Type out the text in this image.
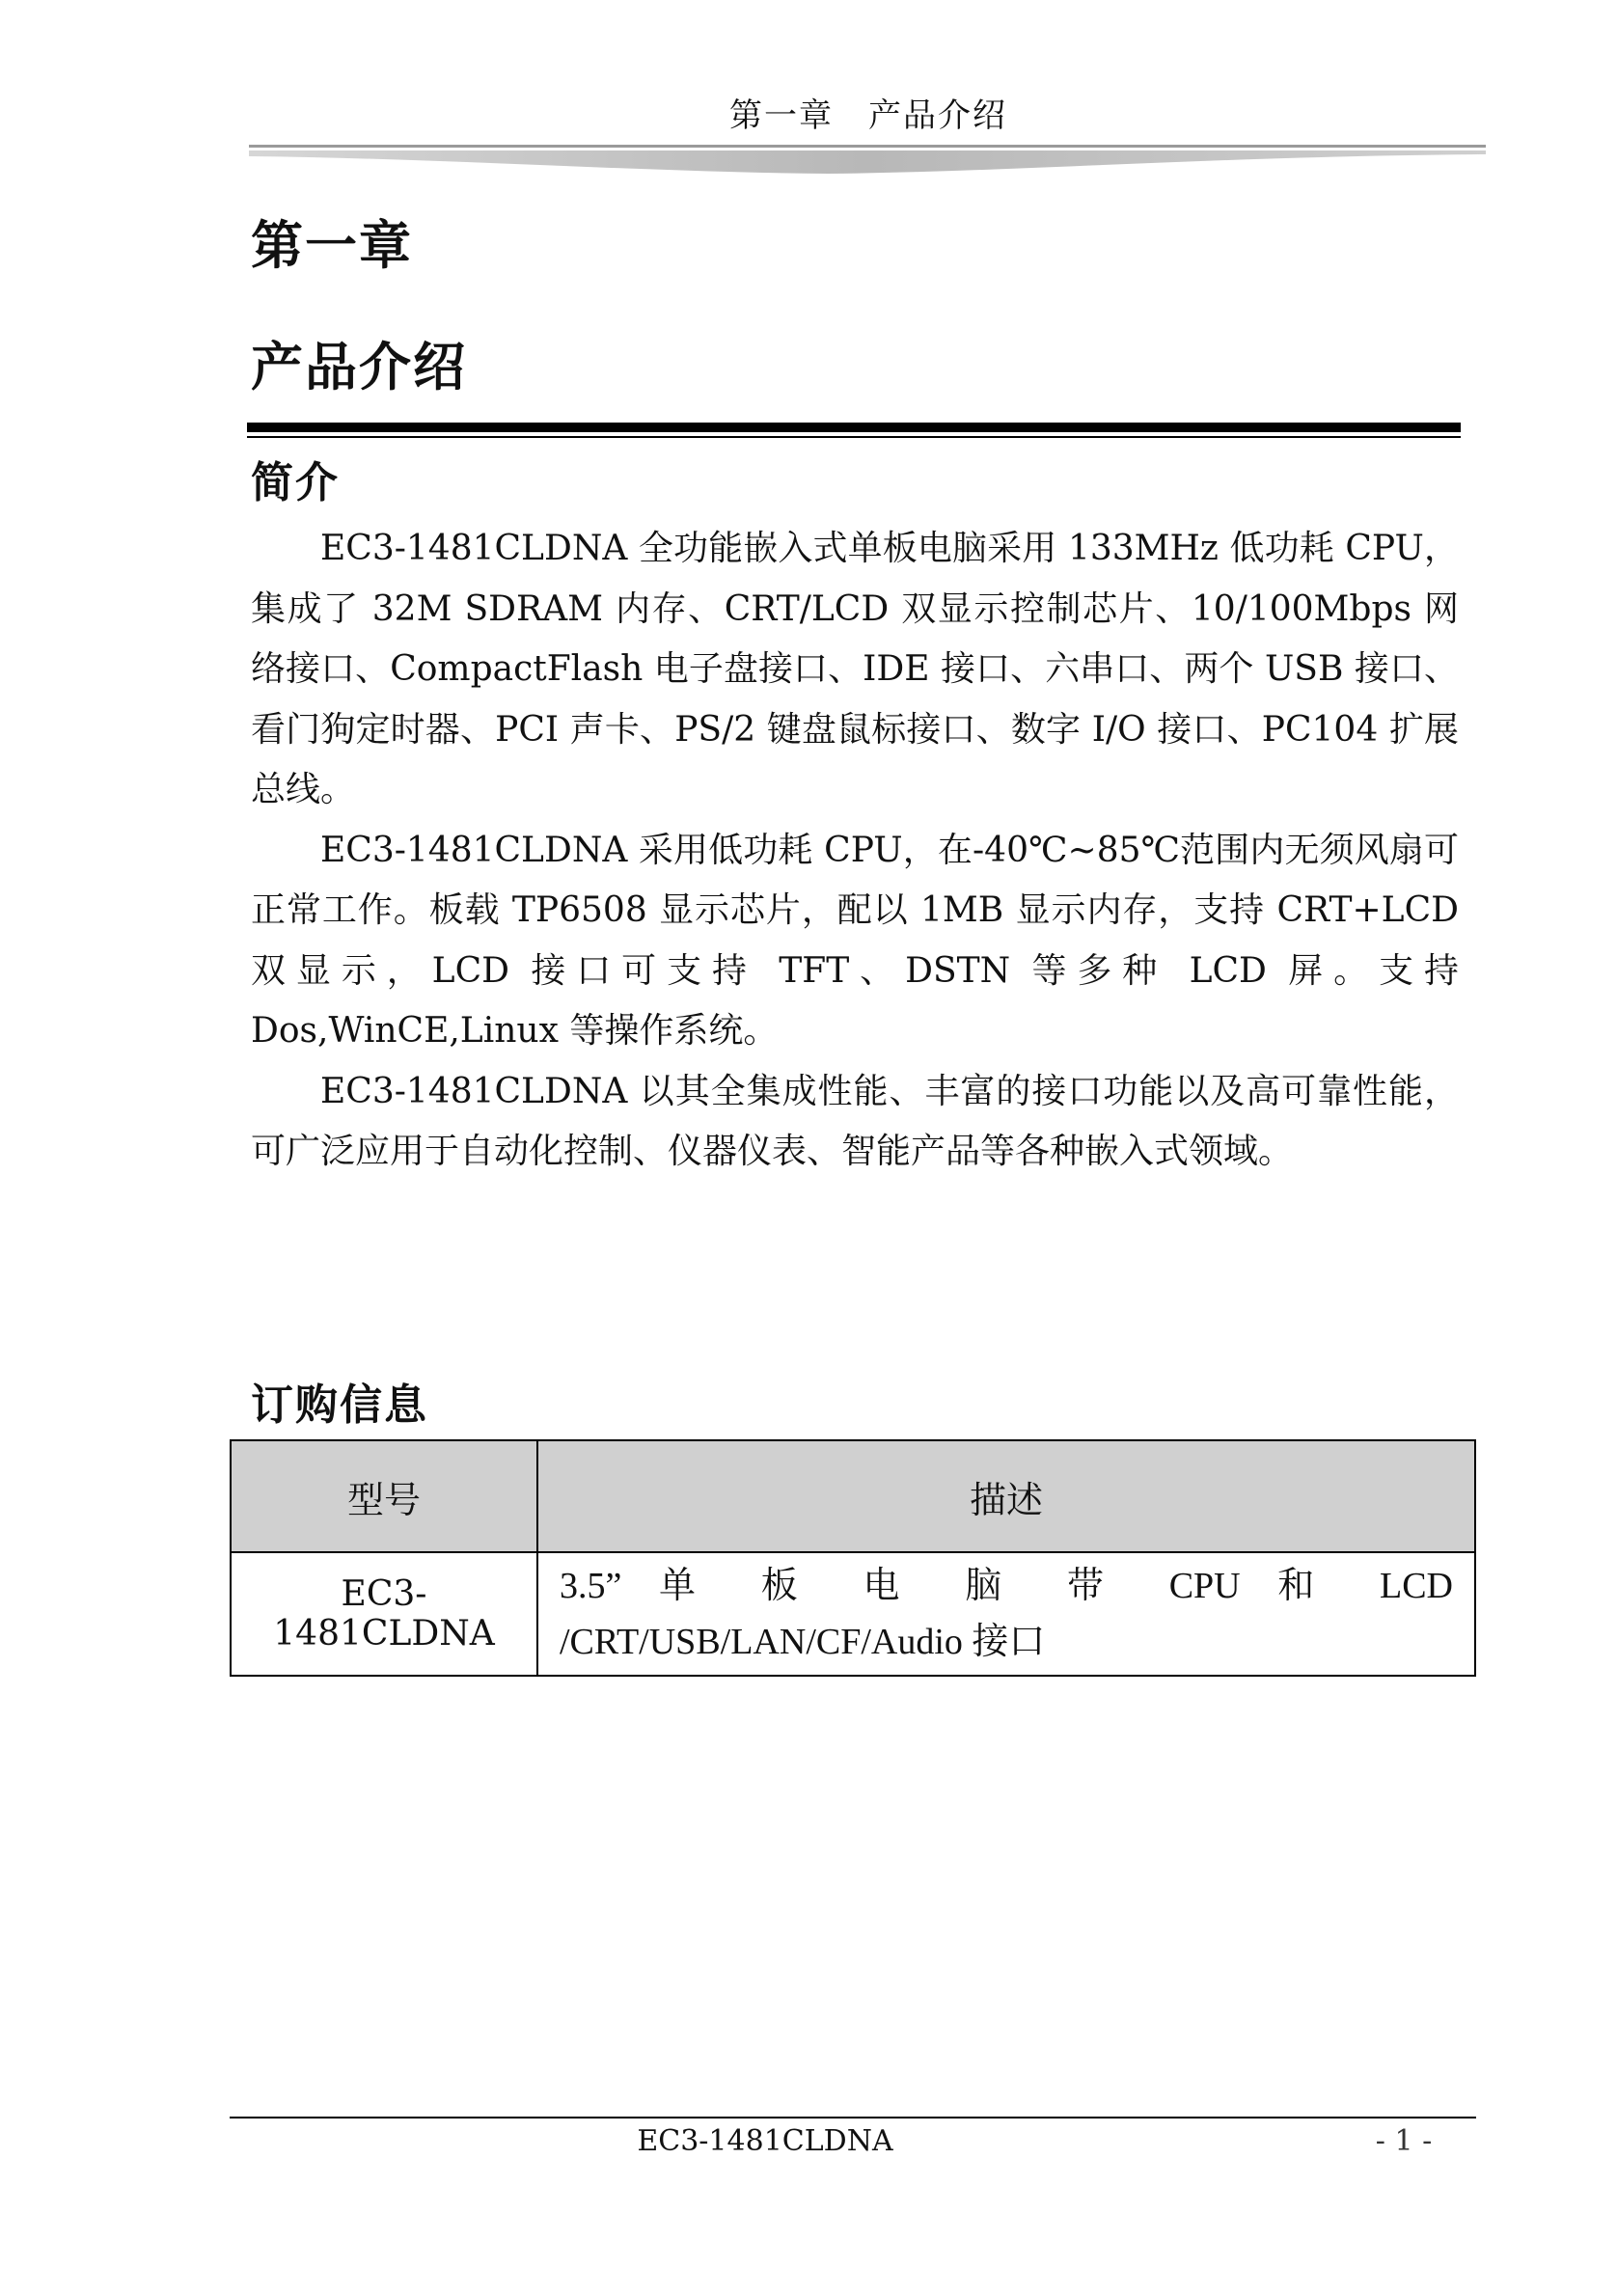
第一章　产品介绍
第一章
产品介绍
简介

EC3-1481CLDNA 全功能嵌入式单板电脑采用 133MHz 低功耗 CPU，集成了 32M SDRAM 内存、CRT/LCD 双显示控制芯片、10/100Mbps 网络接口、CompactFlash 电子盘接口、IDE 接口、六串口、两个 USB 接口、看门狗定时器、PCI 声卡、PS/2 键盘鼠标接口、数字 I/O 接口、PC104 扩展总线。

EC3-1481CLDNA 采用低功耗 CPU，在-40℃~85℃范围内无须风扇可正常工作。板载 TP6508 显示芯片，配以 1MB 显示内存，支持 CRT+LCD 双显示，LCD 接口可支持 TFT、DSTN 等多种 LCD 屏。支持 Dos,WinCE,Linux 等操作系统。

EC3-1481CLDNA 以其全集成性能、丰富的接口功能以及高可靠性能，可广泛应用于自动化控制、仪器仪表、智能产品等各种嵌入式领域。

订购信息
型号	描述
EC3-1481CLDNA	3.5” 单 板 电 脑 带 CPU 和 LCD /CRT/USB/LAN/CF/Audio 接口
EC3-1481CLDNA	- 1 -
